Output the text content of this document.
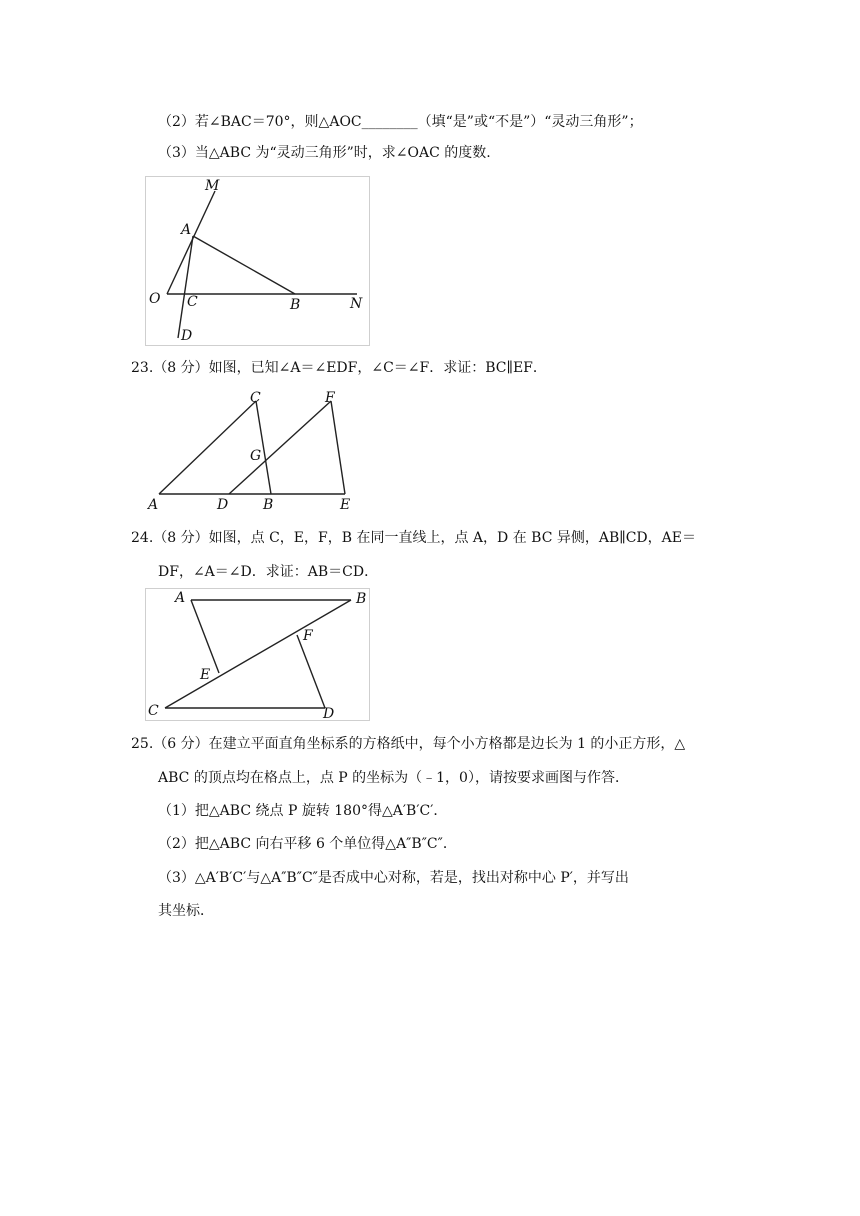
（2）若∠BAC＝70°，则△AOC________（填“是”或“不是”）“灵动三角形”；
（3）当△ABC 为“灵动三角形”时，求∠OAC 的度数.
M
A
O C	B	N
D
23.（8 分）如图，已知∠A＝∠EDF，∠C＝∠F．求证：BC∥EF．
A
C	F
G
D B	E
24.（8 分）如图，点 C，E，F，B 在同一直线上，点 A，D 在 BC 异侧，AB∥CD，AE＝
DF，∠A＝∠D．求证：AB＝CD．
A	B
F
E
C	D
25.（6 分）在建立平面直角坐标系的方格纸中，每个小方格都是边长为 1 的小正方形，△
ABC 的顶点均在格点上，点 P 的坐标为（﹣1，0），请按要求画图与作答．
（1）把△ABC 绕点 P 旋转 180°得△A′B′C′．
（2）把△ABC 向右平移 6 个单位得△A″B″C″．
（3）△A′B′C′与△A″B″C″是否成中心对称，若是，找出对称中心 P′，并写出
其坐标．
